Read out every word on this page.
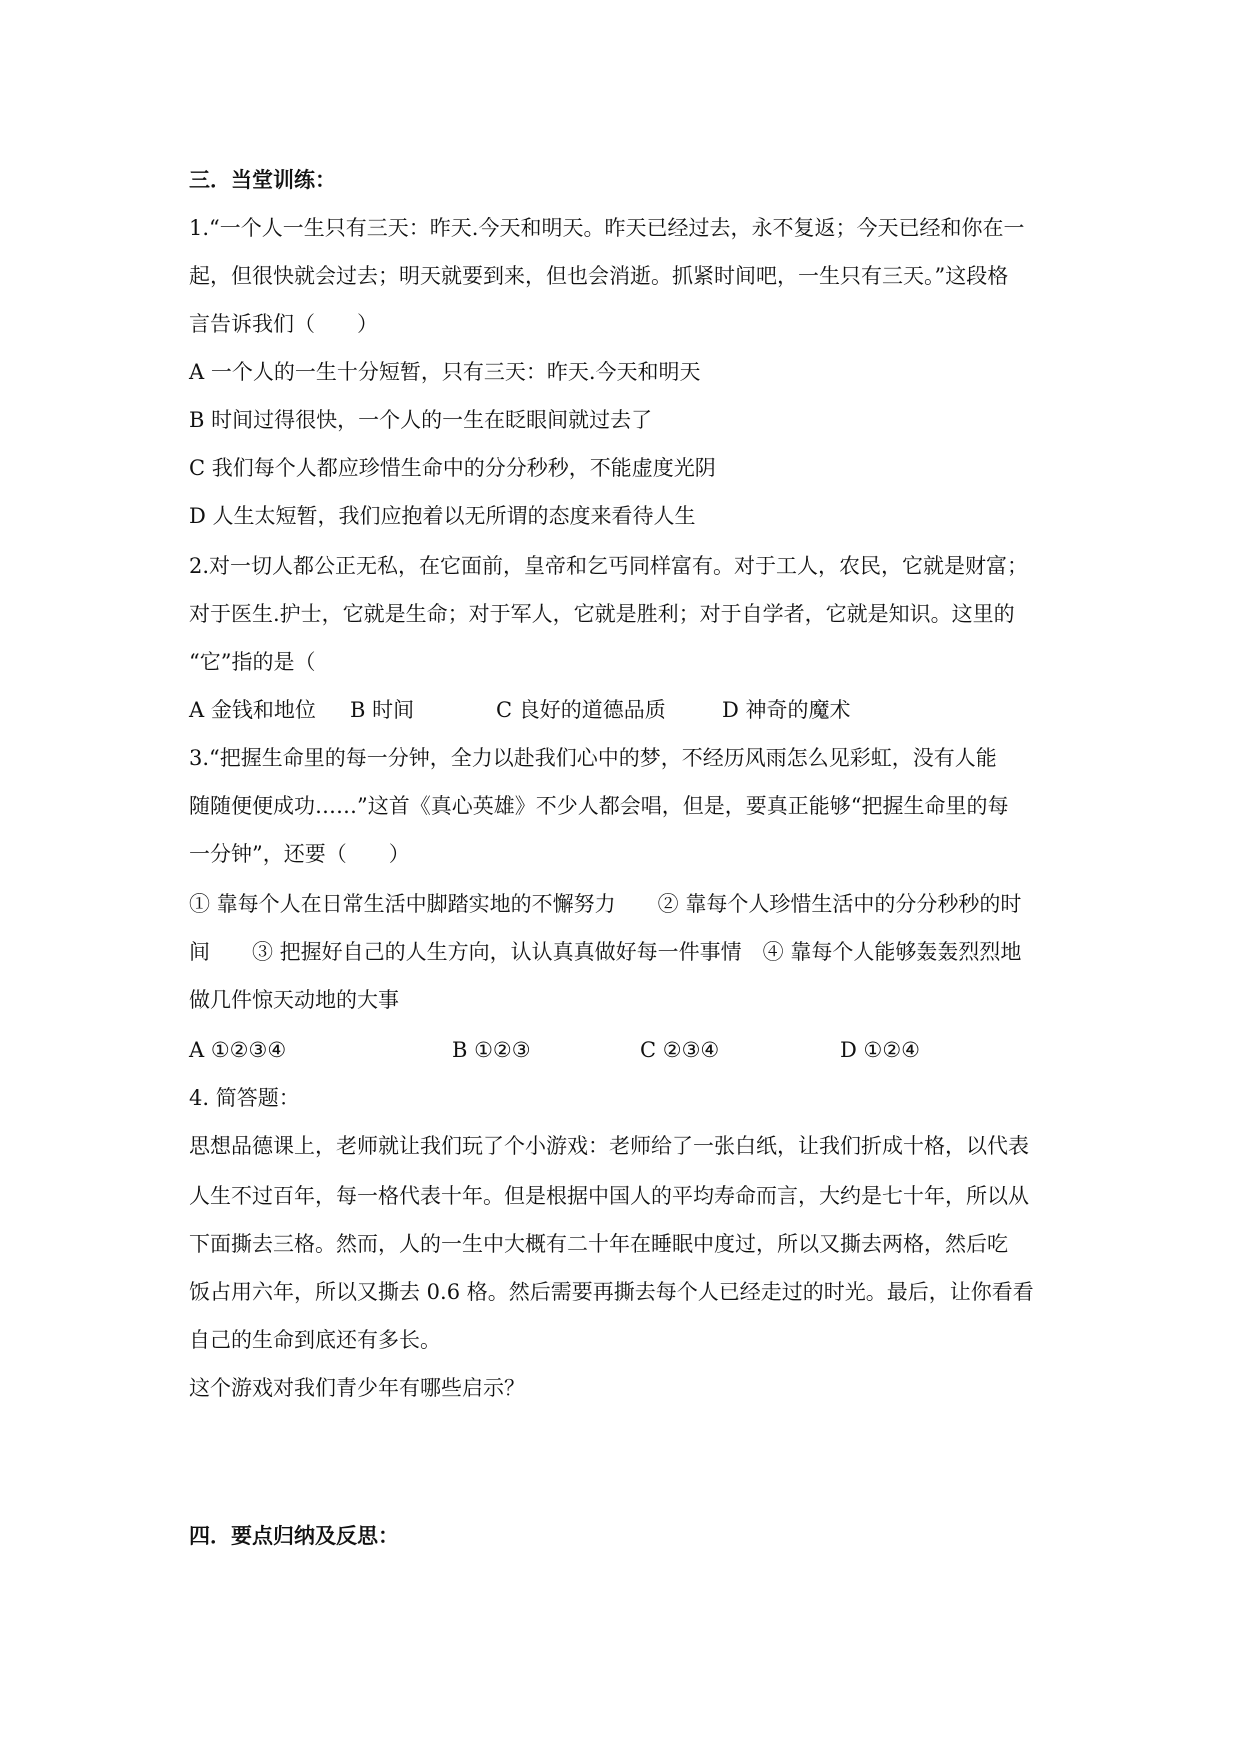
三．当堂训练：
1.“一个人一生只有三天：昨天.今天和明天。昨天已经过去，永不复返；今天已经和你在一
起，但很快就会过去；明天就要到来，但也会消逝。抓紧时间吧，一生只有三天。”这段格
言告诉我们（　　）
A 一个人的一生十分短暂，只有三天：昨天.今天和明天
B 时间过得很快，一个人的一生在眨眼间就过去了
C 我们每个人都应珍惜生命中的分分秒秒，不能虚度光阴
D 人生太短暂，我们应抱着以无所谓的态度来看待人生
2.对一切人都公正无私，在它面前，皇帝和乞丐同样富有。对于工人，农民，它就是财富；
对于医生.护士，它就是生命；对于军人，它就是胜利；对于自学者，它就是知识。这里的
“它”指的是（
A 金钱和地位 B 时间	C 良好的道德品质	D 神奇的魔术
3.“把握生命里的每一分钟，全力以赴我们心中的梦，不经历风雨怎么见彩虹，没有人能
随随便便成功……”这首《真心英雄》不少人都会唱，但是，要真正能够“把握生命里的每
一分钟”，还要（　　）
① 靠每个人在日常生活中脚踏实地的不懈努力　　② 靠每个人珍惜生活中的分分秒秒的时
间　　③ 把握好自己的人生方向，认认真真做好每一件事情　④ 靠每个人能够轰轰烈烈地
做几件惊天动地的大事
A ①②③④	B ①②③	C ②③④	D ①②④
4. 简答题：
思想品德课上，老师就让我们玩了个小游戏：老师给了一张白纸，让我们折成十格，以代表
人生不过百年，每一格代表十年。但是根据中国人的平均寿命而言，大约是七十年，所以从
下面撕去三格。然而，人的一生中大概有二十年在睡眠中度过，所以又撕去两格，然后吃
饭占用六年，所以又撕去 0.6 格。然后需要再撕去每个人已经走过的时光。最后，让你看看
自己的生命到底还有多长。
这个游戏对我们青少年有哪些启示？
四．要点归纳及反思：
